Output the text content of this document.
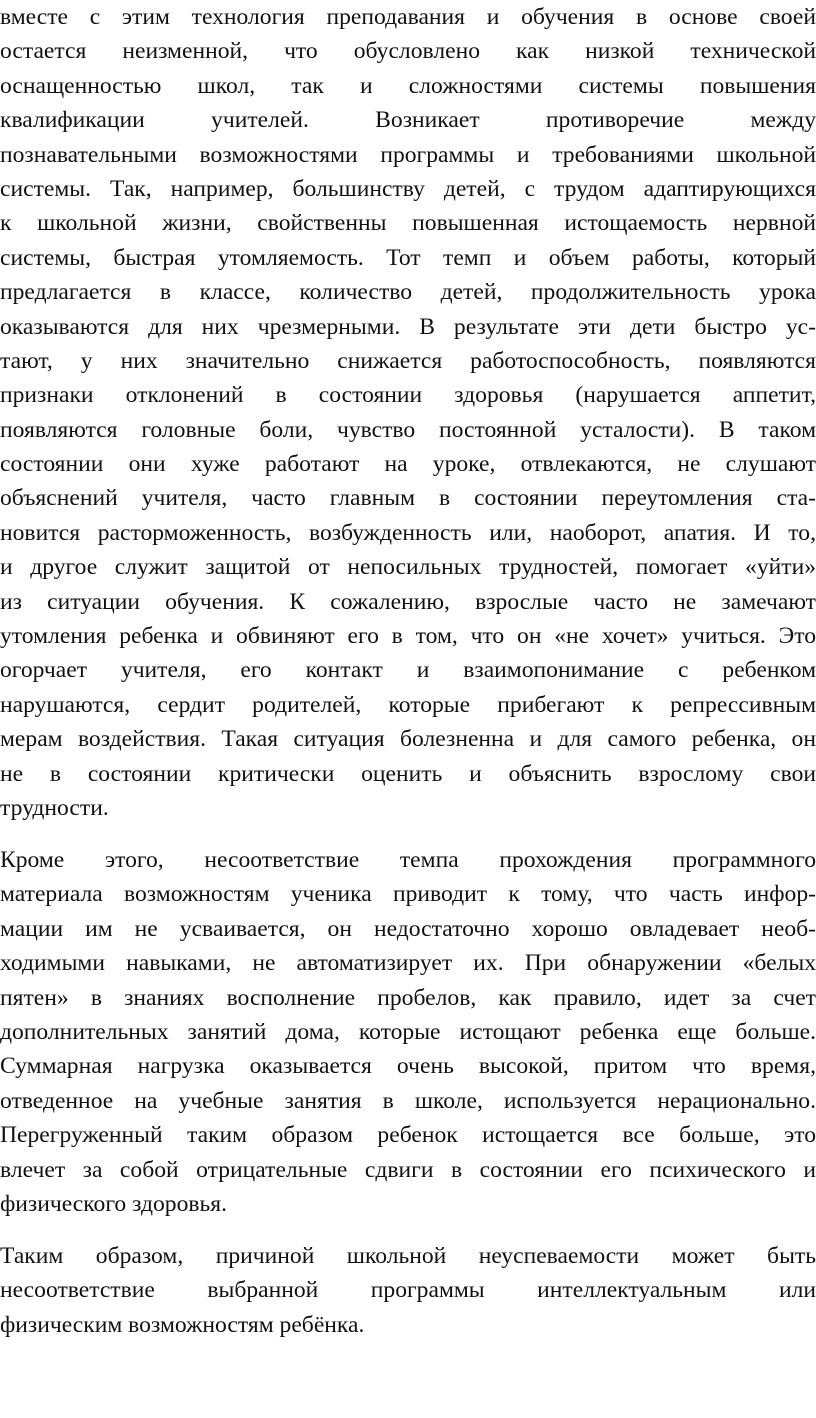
вместе с этим технология преподавания и обучения в основе своей
остается неизменной, что обусловлено как низкой технической
оснащенностью школ, так и сложностями системы повышения
квалификации учителей. Возникает противоречие между
познавательными возможностями программы и требованиями школьной
системы. Так, например, большинству детей, с трудом адаптирующихся
к школьной жизни, свойственны повышенная истощаемость нервной
системы, быстрая утомляемость. Тот темп и объем работы, который
предлагается в классе, количество детей, продолжительность урока
оказываются для них чрезмерными. В результате эти дети быстро ус-
тают, у них значительно снижается работоспособность, появляются
признаки отклонений в состоянии здоровья (нарушается аппетит,
появляются головные боли, чувство постоянной усталости). В таком
состоянии они хуже работают на уроке, отвлекаются, не слушают
объяснений учителя, часто главным в состоянии переутомления ста-
новится расторможенность, возбужденность или, наоборот, апатия. И то,
и другое служит защитой от непосильных трудностей, помогает «уйти»
из ситуации обучения. К сожалению, взрослые часто не замечают
утомления ребенка и обвиняют его в том, что он «не хочет» учиться. Это
огорчает учителя, его контакт и взаимопонимание с ребенком
нарушаются, сердит родителей, которые прибегают к репрессивным
мерам воздействия. Такая ситуация болезненна и для самого ребенка, он
не в состоянии критически оценить и объяснить взрослому свои
трудности.
Кроме этого, несоответствие темпа прохождения программного
материала возможностям ученика приводит к тому, что часть инфор-
мации им не усваивается, он недостаточно хорошо овладевает необ-
ходимыми навыками, не автоматизирует их. При обнаружении «белых
пятен» в знаниях восполнение пробелов, как правило, идет за счет
дополнительных занятий дома, которые истощают ребенка еще больше.
Суммарная нагрузка оказывается очень высокой, притом что время,
отведенное на учебные занятия в школе, используется нерационально.
Перегруженный таким образом ребенок истощается все больше, это
влечет за собой отрицательные сдвиги в состоянии его психического и
физического здоровья.
Таким образом, причиной школьной неуспеваемости может быть
несоответствие выбранной программы интеллектуальным или
физическим возможностям ребёнка.
